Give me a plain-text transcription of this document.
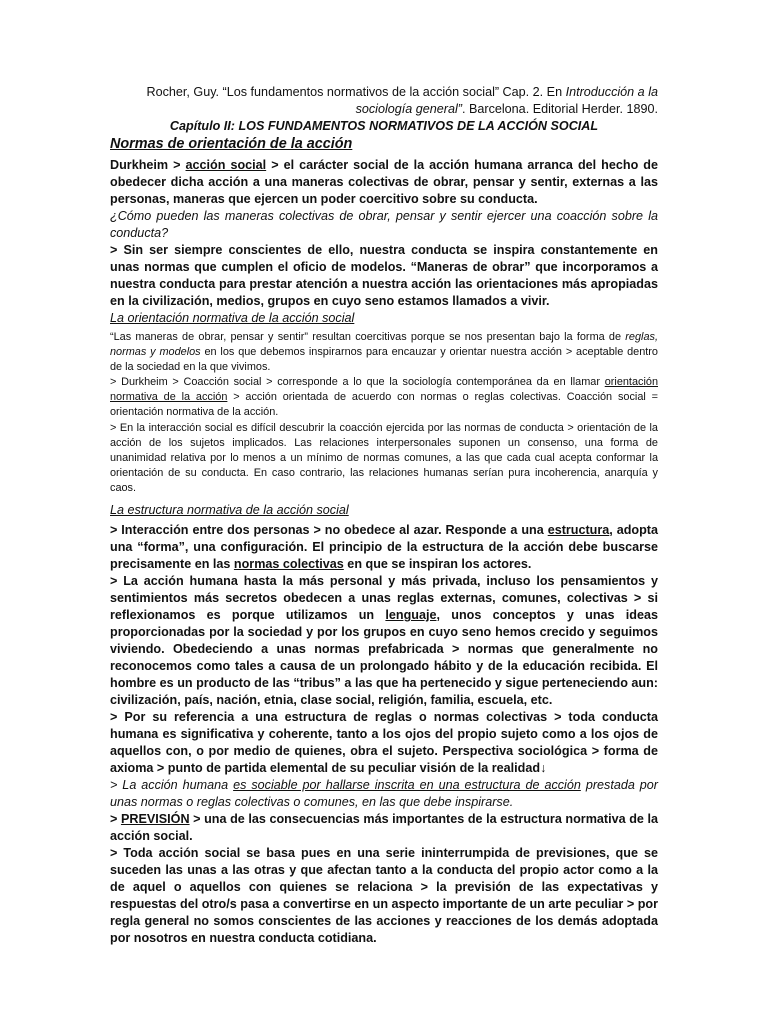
Rocher, Guy. “Los fundamentos normativos de la acción social” Cap. 2. En Introducción a la sociología general”. Barcelona. Editorial Herder. 1890.

Capítulo II: LOS FUNDAMENTOS NORMATIVOS DE LA ACCIÓN SOCIAL

Normas de orientación de la acción

Durkheim > acción social > el carácter social de la acción humana arranca del hecho de obedecer dicha acción a una maneras colectivas de obrar, pensar y sentir, externas a las personas, maneras que ejercen un poder coercitivo sobre su conducta.

¿Cómo pueden las maneras colectivas de obrar, pensar y sentir ejercer una coacción sobre la conducta?

> Sin ser siempre conscientes de ello, nuestra conducta se inspira constantemente en unas normas que cumplen el oficio de modelos. “Maneras de obrar” que incorporamos a nuestra conducta para prestar atención a nuestra acción las orientaciones más apropiadas en la civilización, medios, grupos en cuyo seno estamos llamados a vivir.

La orientación normativa de la acción social

“Las maneras de obrar, pensar y sentir” resultan coercitivas porque se nos presentan bajo la forma de reglas, normas y modelos en los que debemos inspirarnos para encauzar y orientar nuestra acción > aceptable dentro de la sociedad en la que vivimos.

> Durkheim > Coacción social > corresponde a lo que la sociología contemporánea da en llamar orientación normativa de la acción > acción orientada de acuerdo con normas o reglas colectivas. Coacción social = orientación normativa de la acción.

> En la interacción social es difícil descubrir la coacción ejercida por las normas de conducta > orientación de la acción de los sujetos implicados. Las relaciones interpersonales suponen un consenso, una forma de unanimidad relativa por lo menos a un mínimo de normas comunes, a las que cada cual acepta conformar la orientación de su conducta. En caso contrario, las relaciones humanas serían pura incoherencia, anarquía y caos.

La estructura normativa de la acción social

> Interacción entre dos personas > no obedece al azar. Responde a una estructura, adopta una “forma”, una configuración. El principio de la estructura de la acción debe buscarse precisamente en las normas colectivas en que se inspiran los actores.

> La acción humana hasta la más personal y más privada, incluso los pensamientos y sentimientos más secretos obedecen a unas reglas externas, comunes, colectivas > si reflexionamos es porque utilizamos un lenguaje, unos conceptos y unas ideas proporcionadas por la sociedad y por los grupos en cuyo seno hemos crecido y seguimos viviendo. Obedeciendo a unas normas prefabricada > normas que generalmente no reconocemos como tales a causa de un prolongado hábito y de la educación recibida. El hombre es un producto de las “tribus” a las que ha pertenecido y sigue perteneciendo aun: civilización, país, nación, etnia, clase social, religión, familia, escuela, etc.

> Por su referencia a una estructura de reglas o normas colectivas > toda conducta humana es significativa y coherente, tanto a los ojos del propio sujeto como a los ojos de aquellos con, o por medio de quienes, obra el sujeto. Perspectiva sociológica > forma de axioma > punto de partida elemental de su peculiar visión de la realidad↓

> La acción humana es sociable por hallarse inscrita en una estructura de acción prestada por unas normas o reglas colectivas o comunes, en las que debe inspirarse.

> PREVISIÓN > una de las consecuencias más importantes de la estructura normativa de la acción social.

> Toda acción social se basa pues en una serie ininterrumpida de previsiones, que se suceden las unas a las otras y que afectan tanto a la conducta del propio actor como a la de aquel o aquellos con quienes se relaciona > la previsión de las expectativas y respuestas del otro/s pasa a convertirse en un aspecto importante de un arte peculiar > por regla general no somos conscientes de las acciones y reacciones de los demás adoptada por nosotros en nuestra conducta cotidiana.
